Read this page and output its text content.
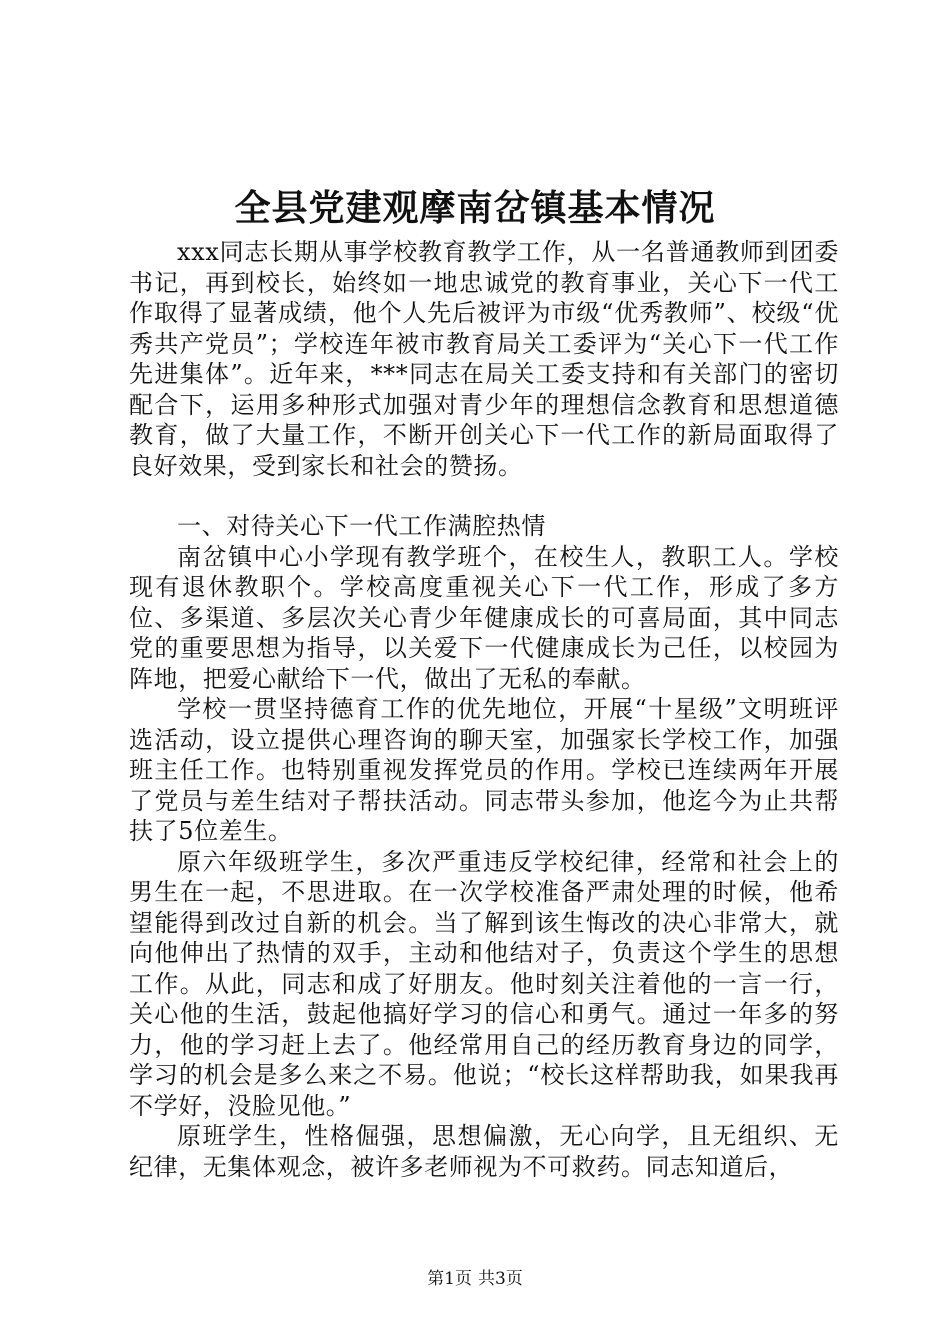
全县党建观摩南岔镇基本情况

xxx同志长期从事学校教育教学工作，从一名普通教师到团委书记，再到校长，始终如一地忠诚党的教育事业，关心下一代工作取得了显著成绩，他个人先后被评为市级“优秀教师”、校级“优秀共产党员”；学校连年被市教育局关工委评为“关心下一代工作先进集体”。近年来，***同志在局关工委支持和有关部门的密切配合下，运用多种形式加强对青少年的理想信念教育和思想道德教育，做了大量工作，不断开创关心下一代工作的新局面取得了良好效果，受到家长和社会的赞扬。

一、对待关心下一代工作满腔热情

南岔镇中心小学现有教学班个，在校生人，教职工人。学校现有退休教职个。学校高度重视关心下一代工作，形成了多方位、多渠道、多层次关心青少年健康成长的可喜局面，其中同志党的重要思想为指导，以关爱下一代健康成长为己任，以校园为阵地，把爱心献给下一代，做出了无私的奉献。

学校一贯坚持德育工作的优先地位，开展“十星级”文明班评选活动，设立提供心理咨询的聊天室，加强家长学校工作，加强班主任工作。也特别重视发挥党员的作用。学校已连续两年开展了党员与差生结对子帮扶活动。同志带头参加，他迄今为止共帮扶了5位差生。

原六年级班学生，多次严重违反学校纪律，经常和社会上的男生在一起，不思进取。在一次学校准备严肃处理的时候，他希望能得到改过自新的机会。当了解到该生悔改的决心非常大，就向他伸出了热情的双手，主动和他结对子，负责这个学生的思想工作。从此，同志和成了好朋友。他时刻关注着他的一言一行，关心他的生活，鼓起他搞好学习的信心和勇气。通过一年多的努力，他的学习赶上去了。他经常用自己的经历教育身边的同学，学习的机会是多么来之不易。他说；“校长这样帮助我，如果我再不学好，没脸见他。”

原班学生，性格倔强，思想偏激，无心向学，且无组织、无纪律，无集体观念，被许多老师视为不可救药。同志知道后，

第1页 共3页
